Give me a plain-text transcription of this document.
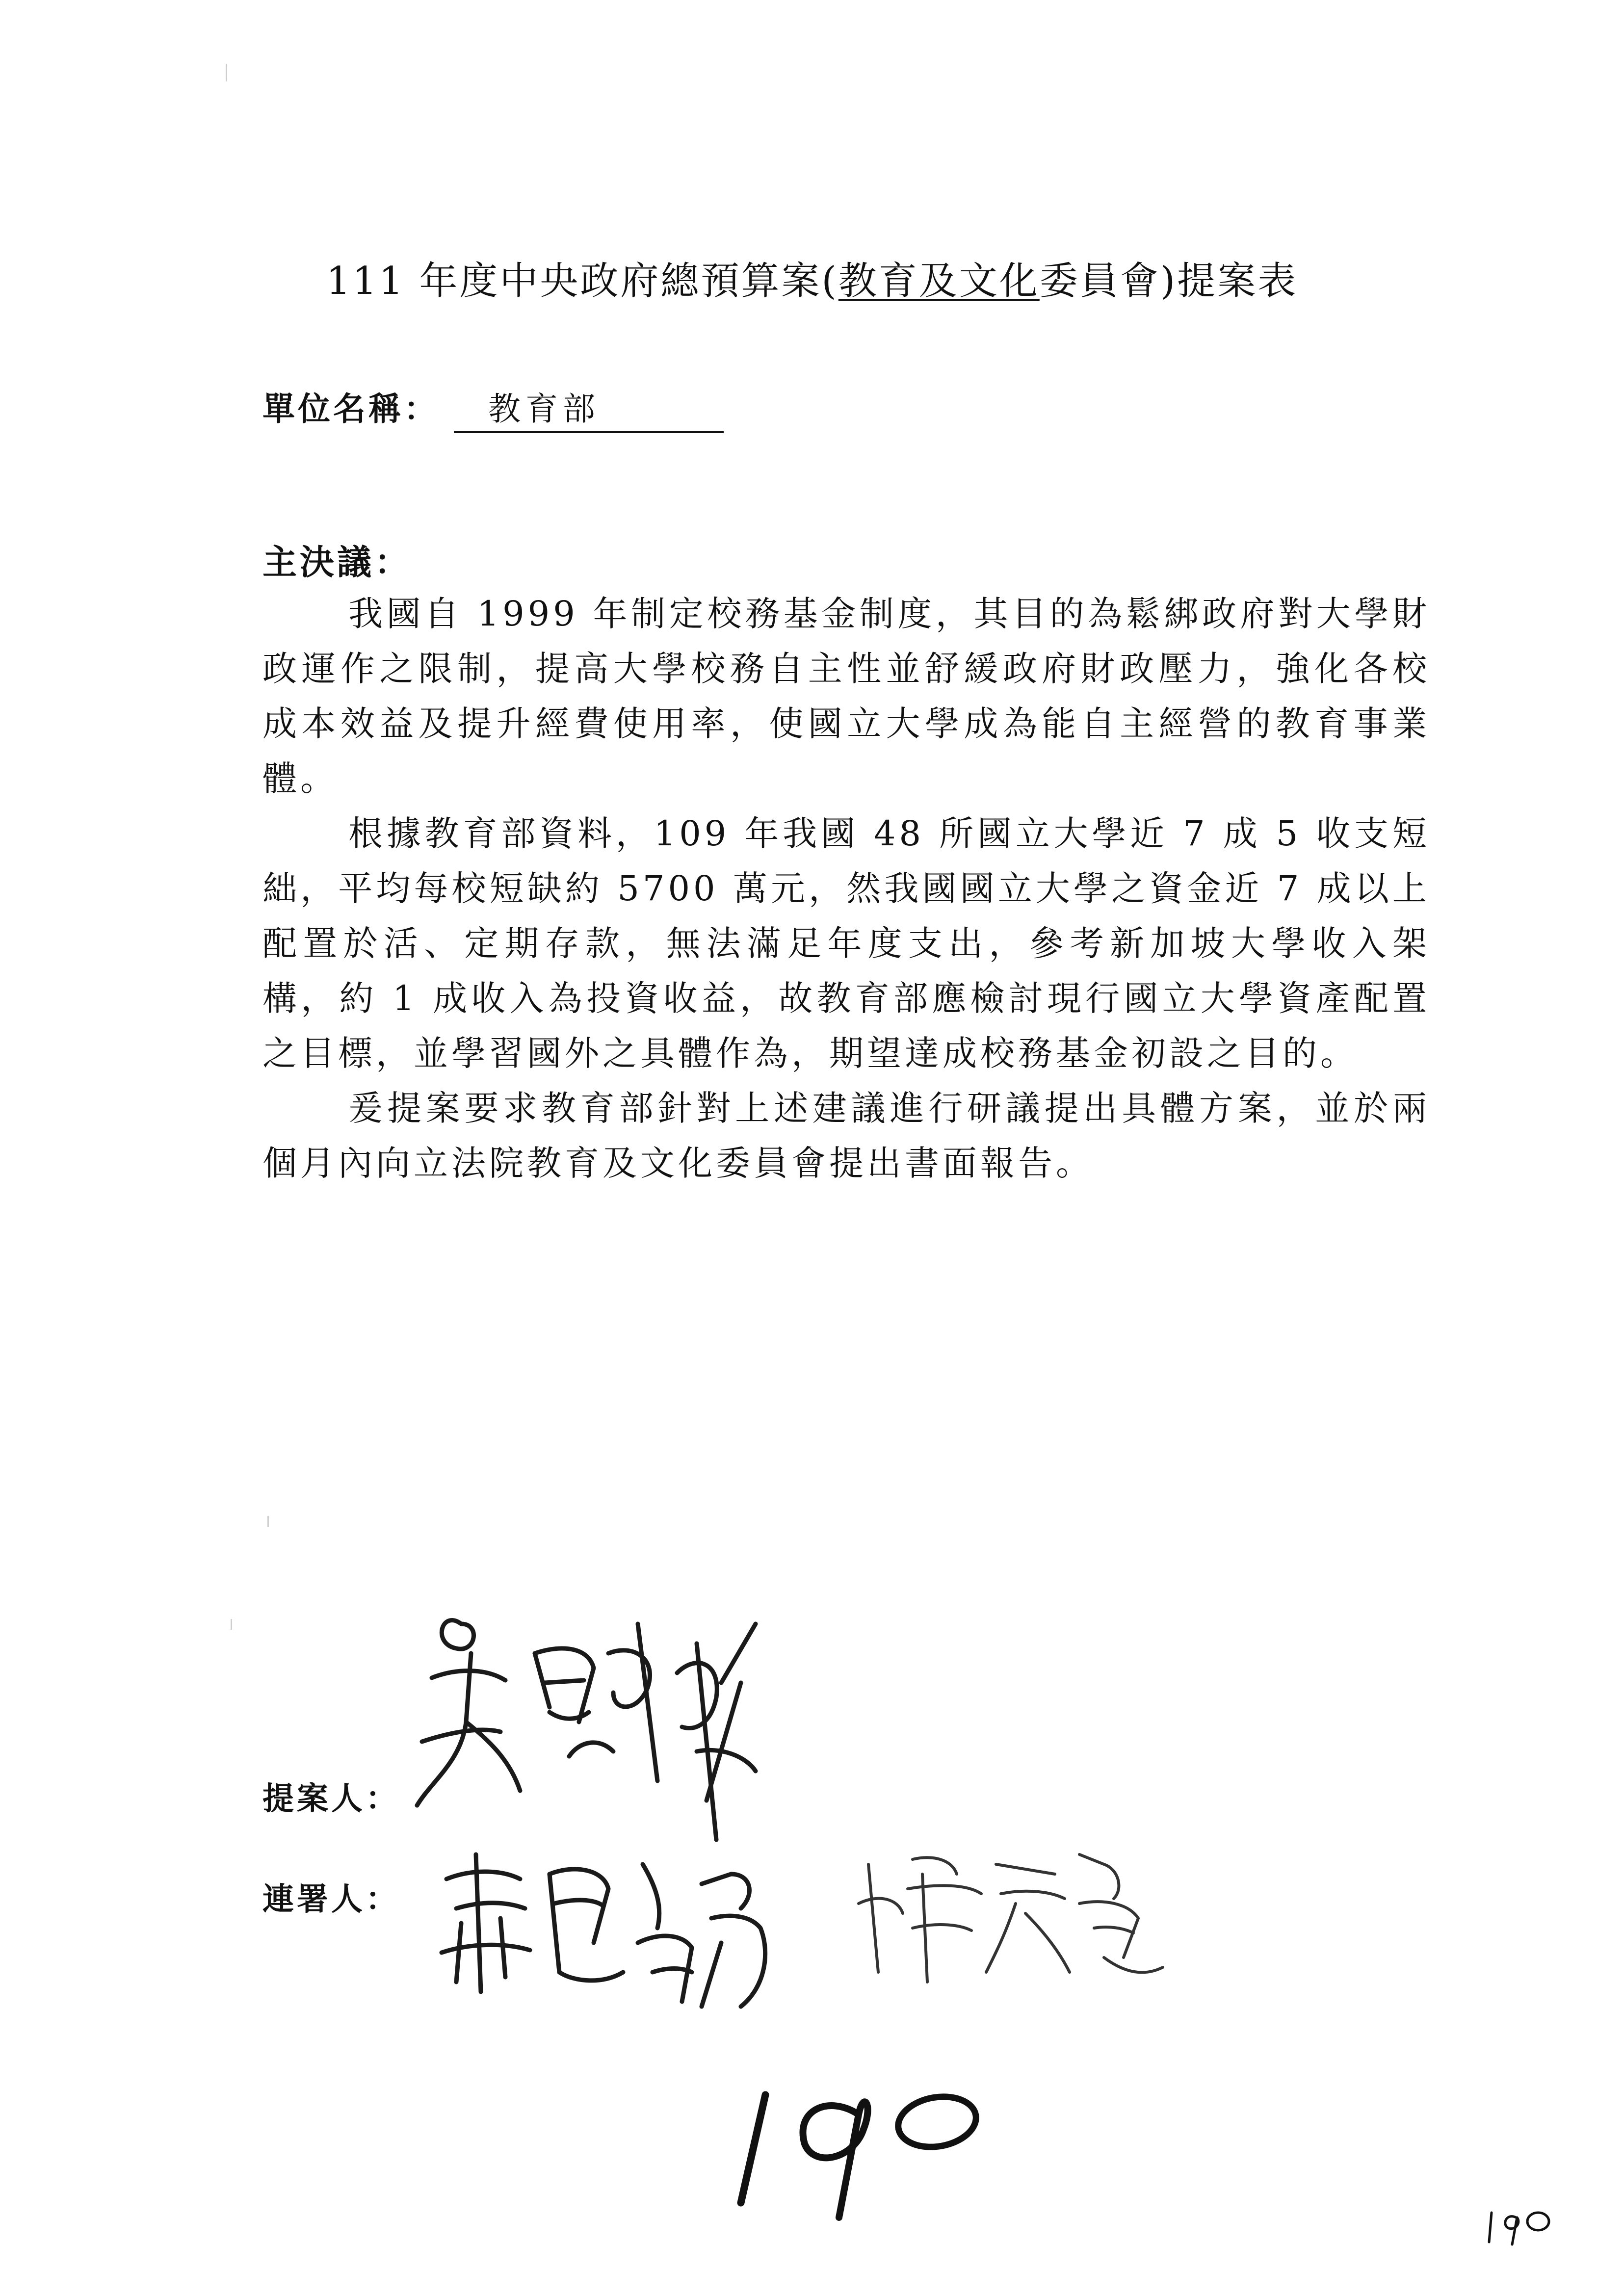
111 年度中央政府總預算案(教育及文化委員會)提案表
單位名稱： 教育部
主決議：

我國自 1999 年制定校務基金制度，其目的為鬆綁政府對大學財政運作之限制，提高大學校務自主性並舒緩政府財政壓力，強化各校成本效益及提升經費使用率，使國立大學成為能自主經營的教育事業體。

根據教育部資料，109 年我國 48 所國立大學近 7 成 5 收支短絀，平均每校短缺約 5700 萬元，然我國國立大學之資金近 7 成以上配置於活、定期存款，無法滿足年度支出，參考新加坡大學收入架構，約 1 成收入為投資收益，故教育部應檢討現行國立大學資產配置之目標，並學習國外之具體作為，期望達成校務基金初設之目的。

爰提案要求教育部針對上述建議進行研議提出具體方案，並於兩個月內向立法院教育及文化委員會提出書面報告。

提案人：
連署人：
190
190
